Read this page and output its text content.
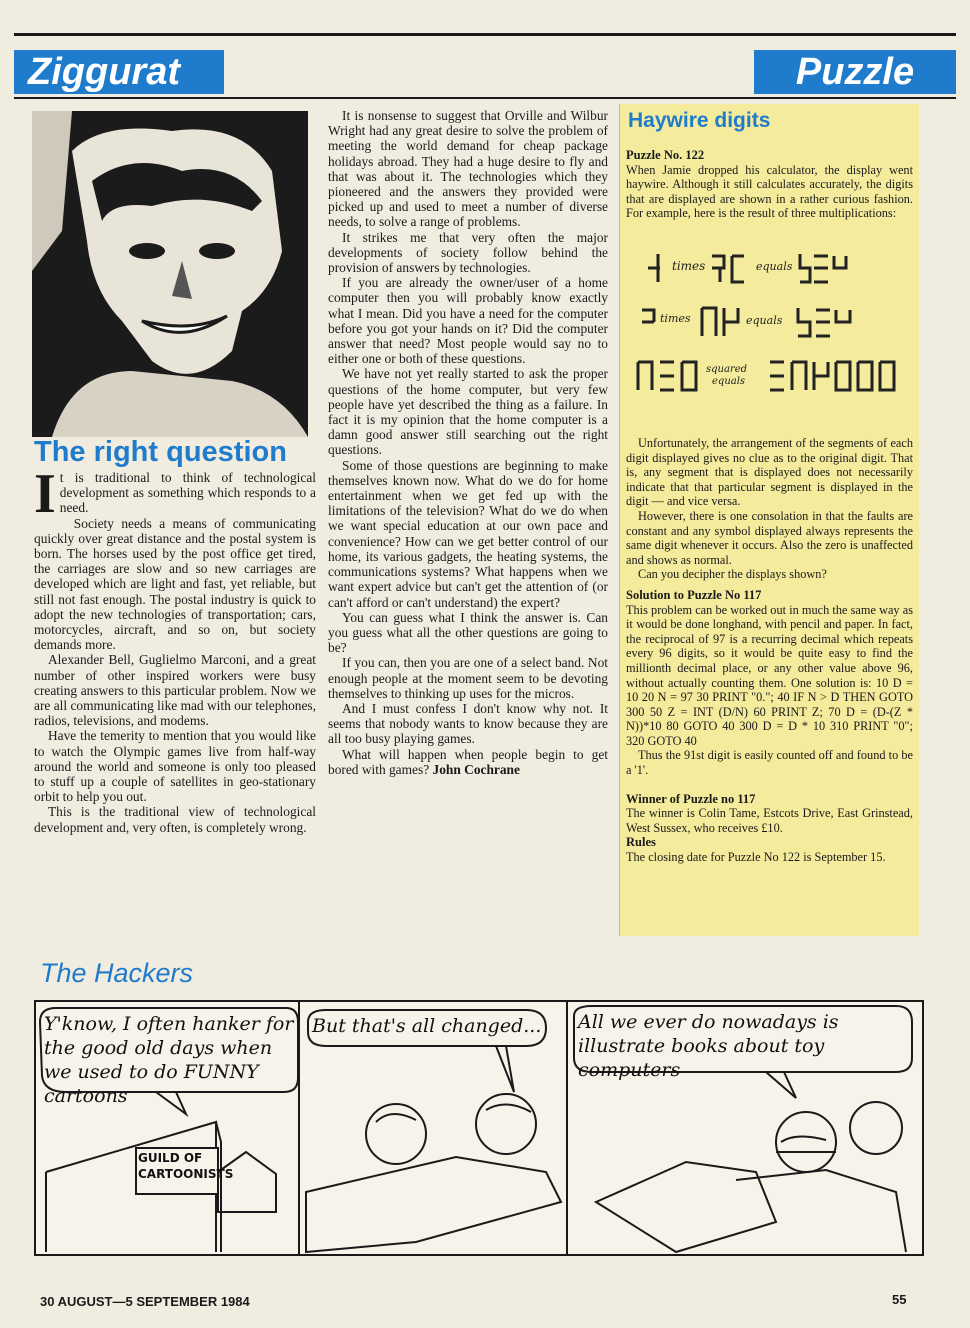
Ziggurat	Puzzle
The right question

It is traditional to think of technological development as something which responds to a need.

Society needs a means of communicating quickly over great distance and the postal system is born. The horses used by the post office get tired, the carriages are slow and so new carriages are developed which are light and fast, yet reliable, but still not fast enough. The postal industry is quick to adopt the new technologies of transportation; cars, motorcycles, aircraft, and so on, but society demands more.

Alexander Bell, Guglielmo Marconi, and a great number of other inspired workers were busy creating answers to this particular problem. Now we are all communicating like mad with our telephones, radios, televisions, and modems.

Have the temerity to mention that you would like to watch the Olympic games live from half-way around the world and someone is only too pleased to stuff up a couple of satellites in geo-stationary orbit to help you out.

This is the traditional view of technological development and, very often, is completely wrong.

It is nonsense to suggest that Orville and Wilbur Wright had any great desire to solve the problem of meeting the world demand for cheap package holidays abroad. They had a huge desire to fly and that was about it. The technologies which they pioneered and the answers they provided were picked up and used to meet a number of diverse needs, to solve a range of problems.

It strikes me that very often the major developments of society follow behind the provision of answers by technologies.

If you are already the owner/user of a home computer then you will probably know exactly what I mean. Did you have a need for the computer before you got your hands on it? Did the computer answer that need? Most people would say no to either one or both of these questions.

We have not yet really started to ask the proper questions of the home computer, but very few people have yet described the thing as a failure. In fact it is my opinion that the home computer is a damn good answer still searching out the right questions.

Some of those questions are beginning to make themselves known now. What do we do for home entertainment when we get fed up with the limitations of the television? What do we do when we want special education at our own pace and convenience? How can we get better control of our home, its various gadgets, the heating systems, the communications systems? What happens when we want expert advice but can't get the attention of (or can't afford or can't understand) the expert?

You can guess what I think the answer is. Can you guess what all the other questions are going to be?

If you can, then you are one of a select band. Not enough people at the moment seem to be devoting themselves to thinking up uses for the micros.

And I must confess I don't know why not. It seems that nobody wants to know because they are all too busy playing games.

What will happen when people begin to get bored with games? John Cochrane

Haywire digits
Puzzle No. 122

When Jamie dropped his calculator, the display went haywire. Although it still calculates accurately, the digits that are displayed are shown in a rather curious fashion. For example, here is the result of three multiplications:

times	equals
times	equals
squared
equals

Unfortunately, the arrangement of the segments of each digit displayed gives no clue as to the original digit. That is, any segment that is displayed does not necessarily indicate that that particular segment is displayed in the digit — and vice versa.

However, there is one consolation in that the faults are constant and any symbol displayed always represents the same digit whenever it occurs. Also the zero is unaffected and shows as normal.

Can you decipher the displays shown?

Solution to Puzzle No 117

This problem can be worked out in much the same way as it would be done longhand, with pencil and paper. In fact, the reciprocal of 97 is a recurring decimal which repeats every 96 digits, so it would be quite easy to find the millionth decimal place, or any other value above 96, without actually counting them. One solution is: 10 D = 10 20 N = 97 30 PRINT "0."; 40 IF N > D THEN GOTO 300 50 Z = INT (D/N) 60 PRINT Z; 70 D = (D-(Z * N))*10 80 GOTO 40 300 D = D * 10 310 PRINT "0"; 320 GOTO 40

Thus the 91st digit is easily counted off and found to be a '1'.

Winner of Puzzle no 117

The winner is Colin Tame, Estcots Drive, East Grinstead, West Sussex, who receives £10.

Rules

The closing date for Puzzle No 122 is September 15.

The Hackers
Y'know, I often hanker for the good old days when we used to do FUNNY cartoons
But that's all changed... All we ever do nowadays is illustrate books about toy computers
GUILD OF CARTOONISTS
30 AUGUST—5 SEPTEMBER 1984	55
